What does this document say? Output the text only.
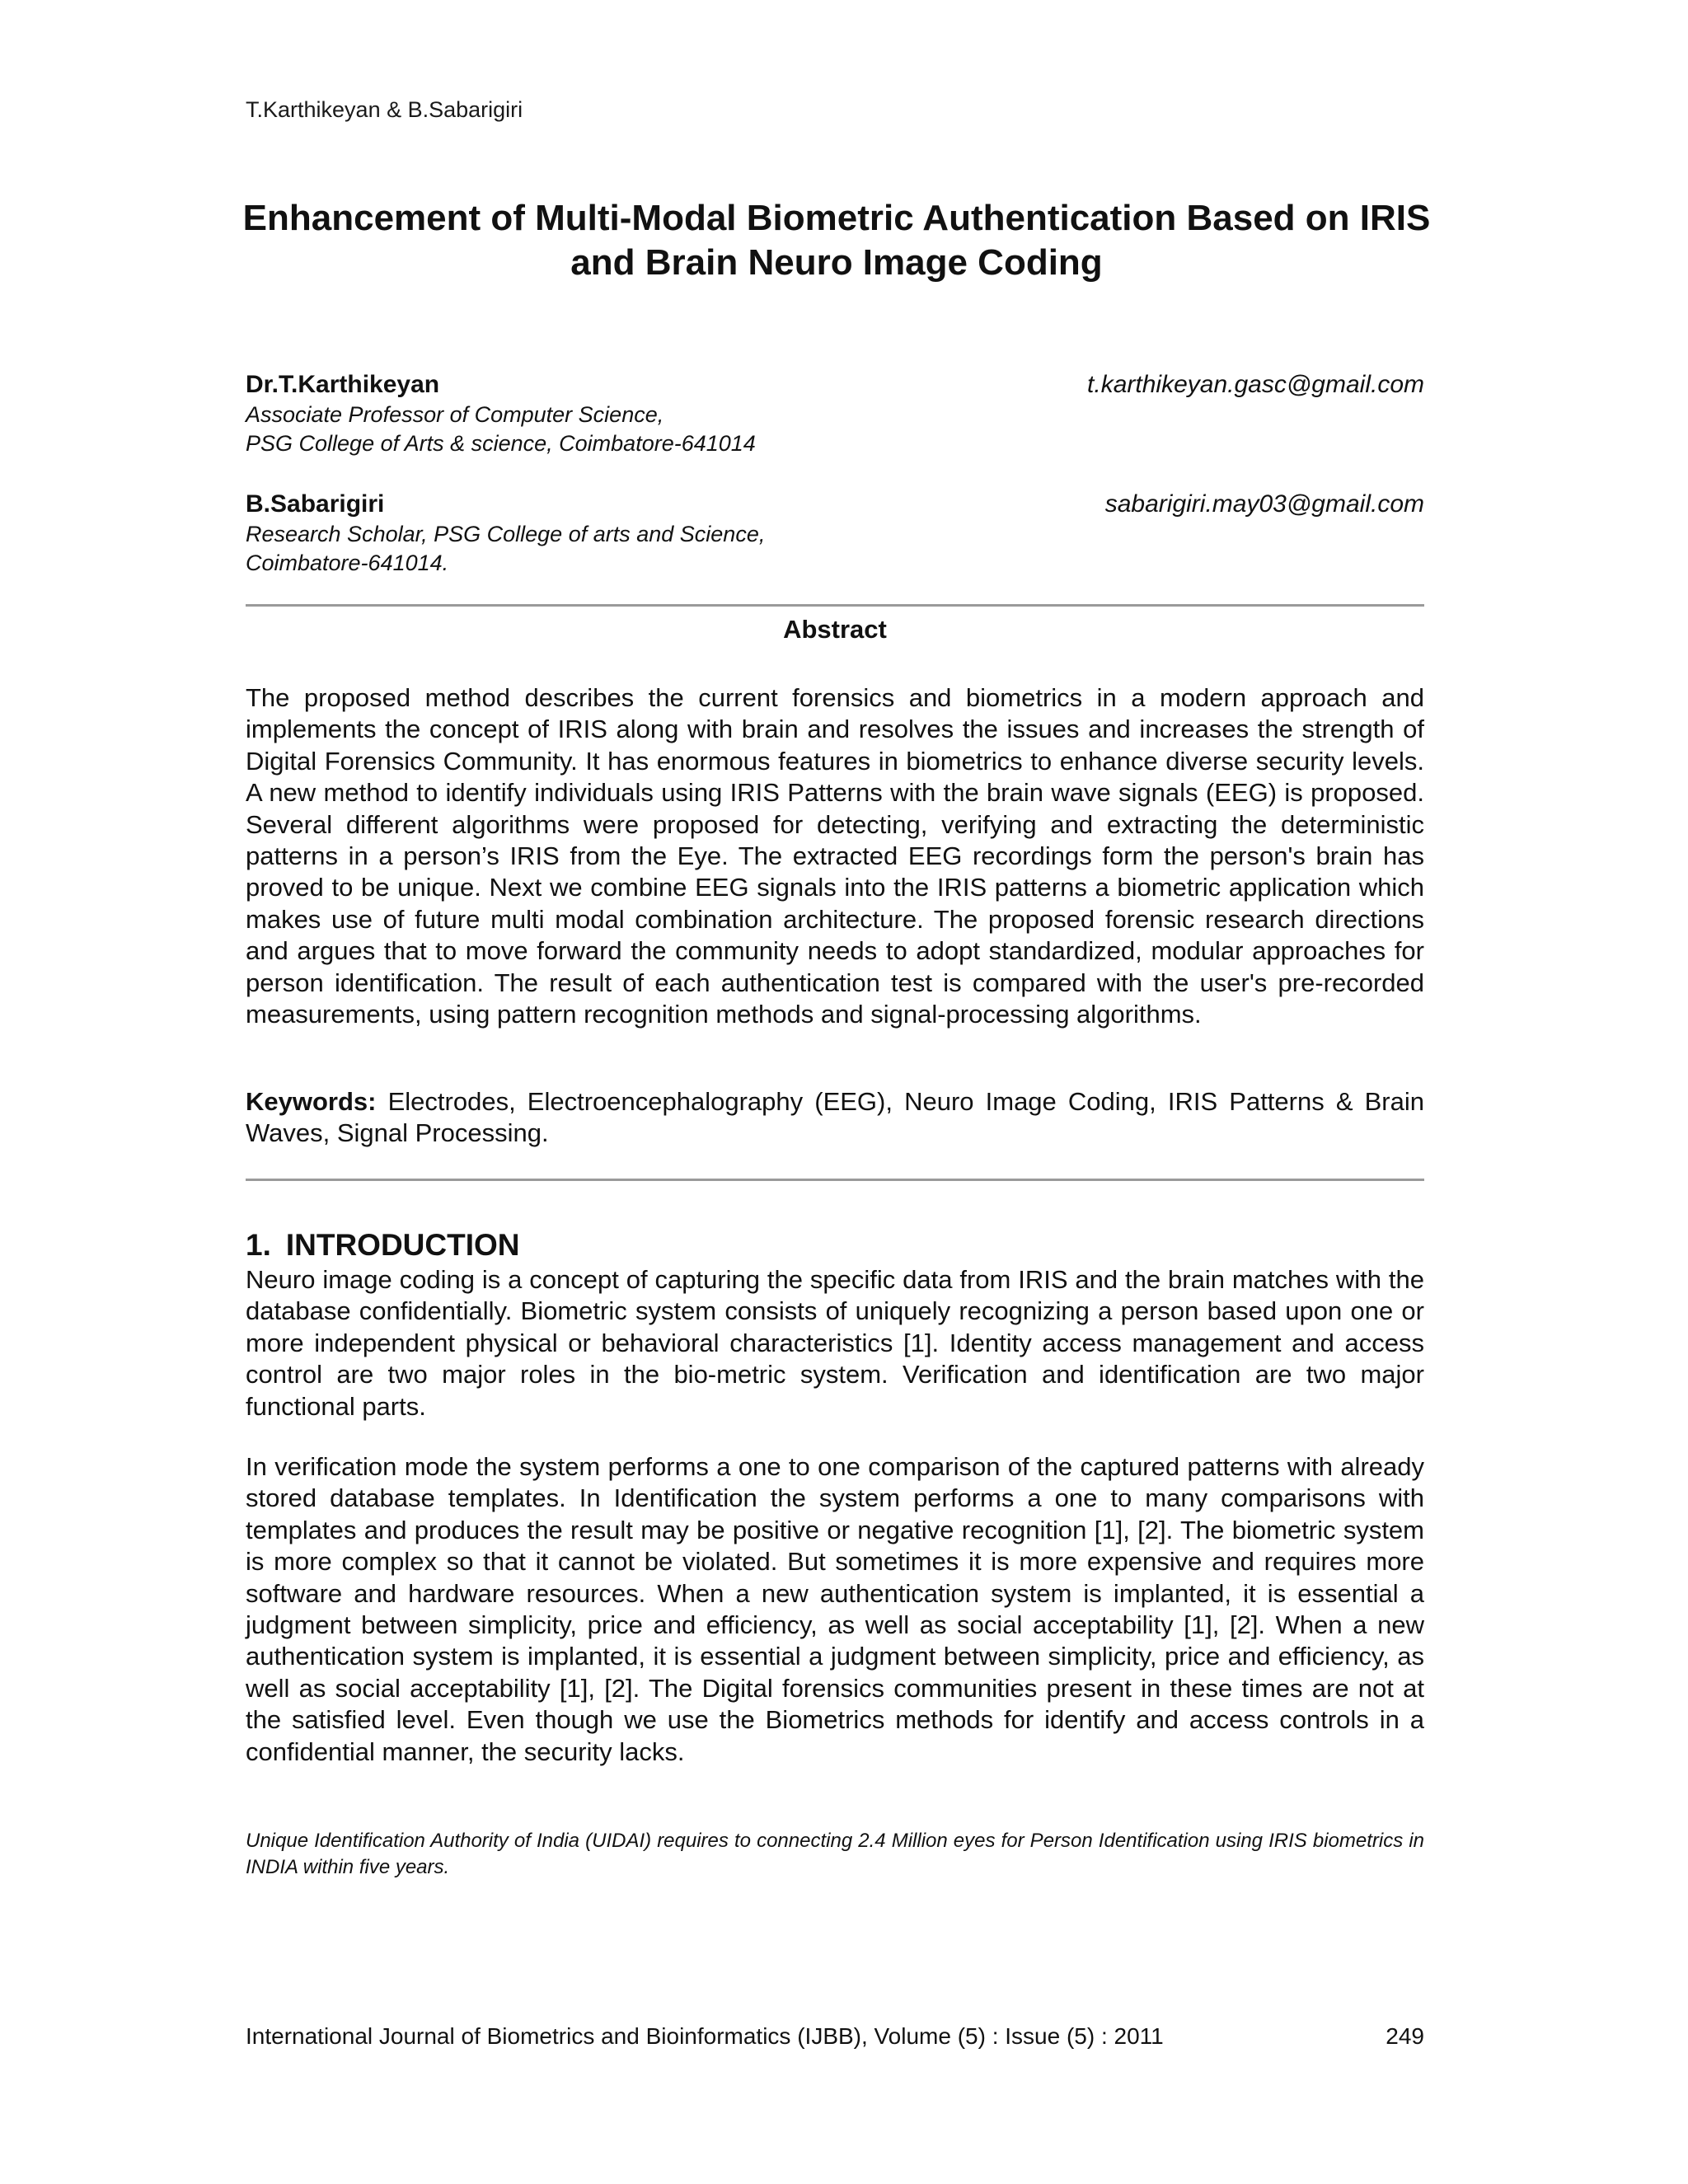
T.Karthikeyan & B.Sabarigiri
Enhancement of Multi-Modal Biometric Authentication Based on IRIS and Brain Neuro Image Coding
Dr.T.Karthikeyan	t.karthikeyan.gasc@gmail.com
Associate Professor of Computer Science,
PSG College of Arts & science, Coimbatore-641014
B.Sabarigiri	sabarigiri.may03@gmail.com
Research Scholar, PSG College of arts and Science,
Coimbatore-641014.
Abstract
The proposed method describes the current forensics and biometrics in a modern approach and implements the concept of IRIS along with brain and resolves the issues and increases the strength of Digital Forensics Community. It has enormous features in biometrics to enhance diverse security levels. A new method to identify individuals using IRIS Patterns with the brain wave signals (EEG) is proposed. Several different algorithms were proposed for detecting, verifying and extracting the deterministic patterns in a person’s IRIS from the Eye. The extracted EEG recordings form the person's brain has proved to be unique. Next we combine EEG signals into the IRIS patterns a biometric application which makes use of future multi modal combination architecture. The proposed forensic research directions and argues that to move forward the community needs to adopt standardized, modular approaches for person identification. The result of each authentication test is compared with the user's pre-recorded measurements, using pattern recognition methods and signal-processing algorithms.
Keywords: Electrodes, Electroencephalography (EEG), Neuro Image Coding, IRIS Patterns & Brain Waves, Signal Processing.
1. INTRODUCTION
Neuro image coding is a concept of capturing the specific data from IRIS and the brain matches with the database confidentially. Biometric system consists of uniquely recognizing a person based upon one or more independent physical or behavioral characteristics [1]. Identity access management and access control are two major roles in the bio-metric system. Verification and identification are two major functional parts.
In verification mode the system performs a one to one comparison of the captured patterns with already stored database templates. In Identification the system performs a one to many comparisons with templates and produces the result may be positive or negative recognition [1], [2]. The biometric system is more complex so that it cannot be violated. But sometimes it is more expensive and requires more software and hardware resources. When a new authentication system is implanted, it is essential a judgment between simplicity, price and efficiency, as well as social acceptability [1], [2]. When a new authentication system is implanted, it is essential a judgment between simplicity, price and efficiency, as well as social acceptability [1], [2]. The Digital forensics communities present in these times are not at the satisfied level. Even though we use the Biometrics methods for identify and access controls in a confidential manner, the security lacks.
Unique Identification Authority of India (UIDAI) requires to connecting 2.4 Million eyes for Person Identification using IRIS biometrics in INDIA within five years.
International Journal of Biometrics and Bioinformatics (IJBB), Volume (5) : Issue (5) : 2011	249
